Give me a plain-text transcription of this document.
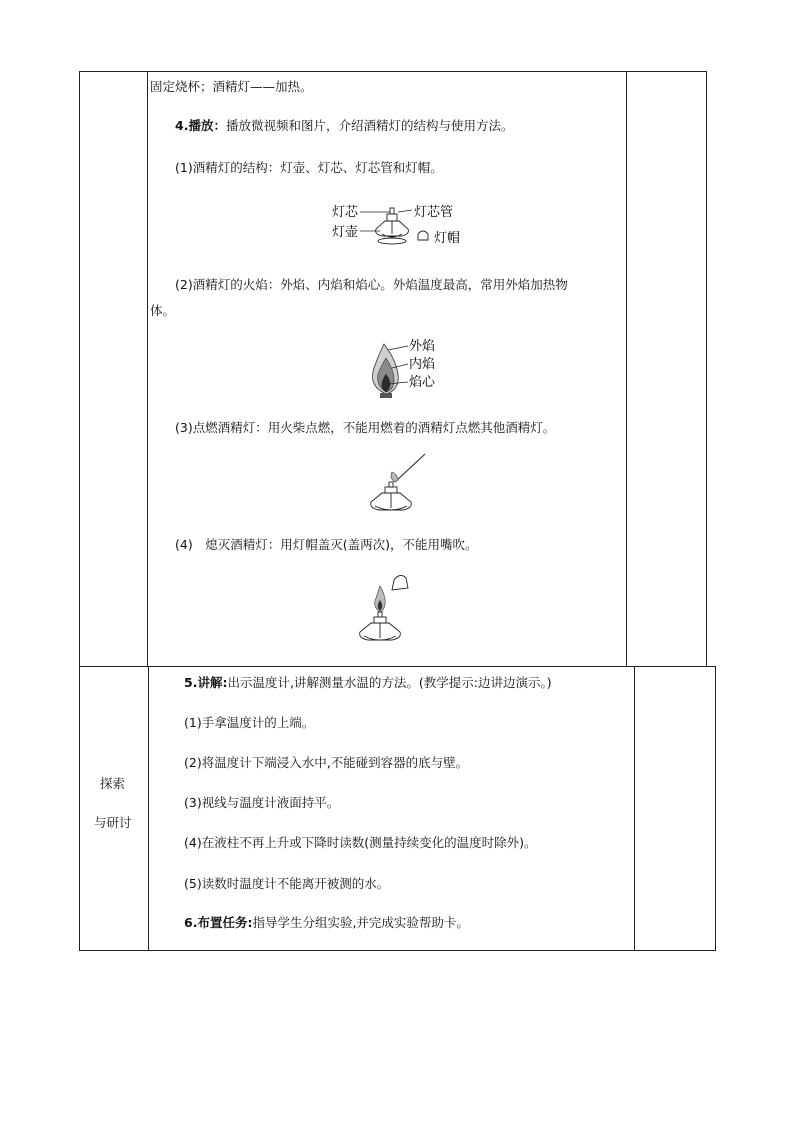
固定烧杯；酒精灯——加热。
4.播放：播放微视频和图片，介绍酒精灯的结构与使用方法。
(1)酒精灯的结构：灯壶、灯芯、灯芯管和灯帽。
灯芯
灯壶
灯芯管
灯帽
(2)酒精灯的火焰：外焰、内焰和焰心。外焰温度最高，常用外焰加热物
体。
外焰
内焰
焰心
(3)点燃酒精灯：用火柴点燃，不能用燃着的酒精灯点燃其他酒精灯。
(4)　熄灭酒精灯：用灯帽盖灭(盖两次)，不能用嘴吹。
探索
与研讨
5.讲解:出示温度计,讲解测量水温的方法。(教学提示:边讲边演示。)
(1)手拿温度计的上端。
(2)将温度计下端浸入水中,不能碰到容器的底与壁。
(3)视线与温度计液面持平。
(4)在液柱不再上升或下降时读数(测量持续变化的温度时除外)。
(5)读数时温度计不能离开被测的水。
6.布置任务:指导学生分组实验,并完成实验帮助卡。
